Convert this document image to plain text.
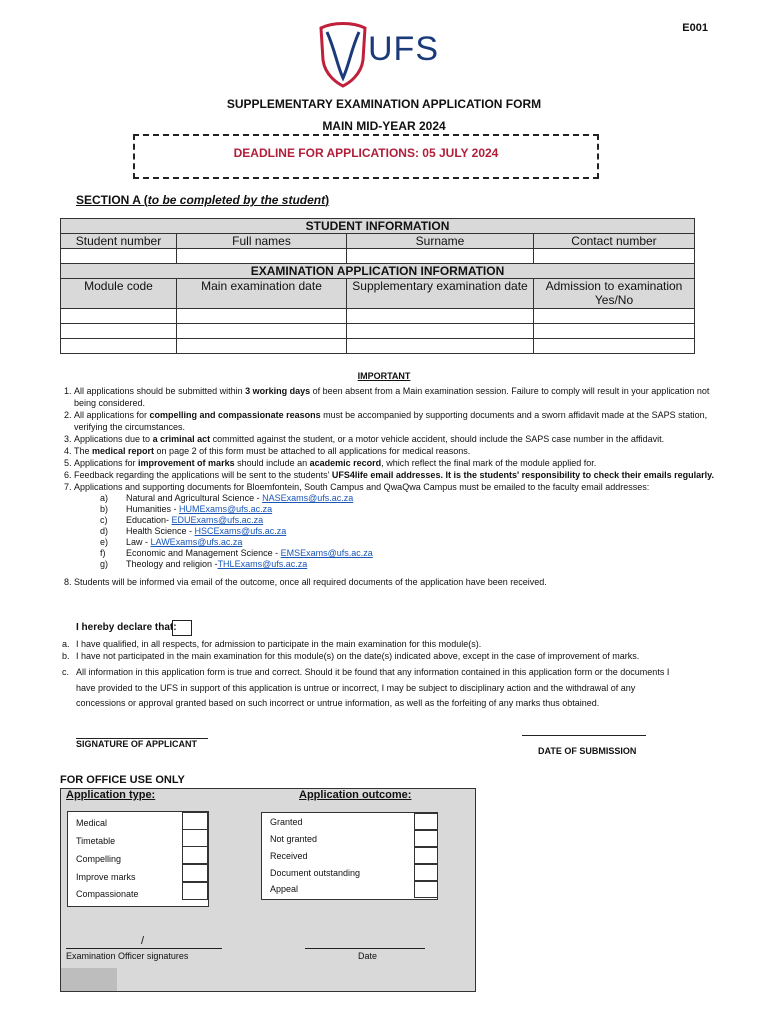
E001
UFS
SUPPLEMENTARY EXAMINATION APPLICATION FORM
MAIN MID-YEAR 2024
DEADLINE FOR APPLICATIONS: 05 JULY 2024
SECTION A (to be completed by the student)
STUDENT INFORMATION			
Student number	Full names	Surname	Contact number

EXAMINATION APPLICATION INFORMATION			
Module code	Main examination date	Supplementary examination date	Admission to examination Yes/No

IMPORTANT
1. All applications should be submitted within 3 working days of been absent from a Main examination session. Failure to comply will result in your application not being considered.
2. All applications for compelling and compassionate reasons must be accompanied by supporting documents and a sworn affidavit made at the SAPS station, verifying the circumstances.
3. Applications due to a criminal act committed against the student, or a motor vehicle accident, should include the SAPS case number in the affidavit.
4. The medical report on page 2 of this form must be attached to all applications for medical reasons.
5. Applications for improvement of marks should include an academic record, which reflect the final mark of the module applied for.
6. Feedback regarding the applications will be sent to the students' UFS4life email addresses. It is the students' responsibility to check their emails regularly.
7. Applications and supporting documents for Bloemfontein, South Campus and QwaQwa Campus must be emailed to the faculty email addresses:
a) Natural and Agricultural Science - NASExams@ufs.ac.za
b) Humanities - HUMExams@ufs.ac.za
c) Education- EDUExams@ufs.ac.za
d) Health Science - HSCExams@ufs.ac.za
e) Law - LAWExams@ufs.ac.za
f) Economic and Management Science - EMSExams@ufs.ac.za
g) Theology and religion -THLExams@ufs.ac.za
8. Students will be informed via email of the outcome, once all required documents of the application have been received.
I hereby declare that:
a. I have qualified, in all respects, for admission to participate in the main examination for this module(s).
b. I have not participated in the main examination for this module(s) on the date(s) indicated above, except in the case of improvement of marks.
c. All information in this application form is true and correct. Should it be found that any information contained in this application form or the documents I
have provided to the UFS in support of this application is untrue or incorrect, I may be subject to disciplinary action and the withdrawal of any
concessions or approval granted based on such incorrect or untrue information, as well as the forfeiting of any marks thus obtained.
SIGNATURE OF APPLICANT
DATE OF SUBMISSION
FOR OFFICE USE ONLY
Application type:	Application outcome:
Medical
Timetable
Compelling
Improve marks
Compassionate
Granted
Not granted
Received
Document outstanding
Appeal
/
Examination Officer signatures	Date
